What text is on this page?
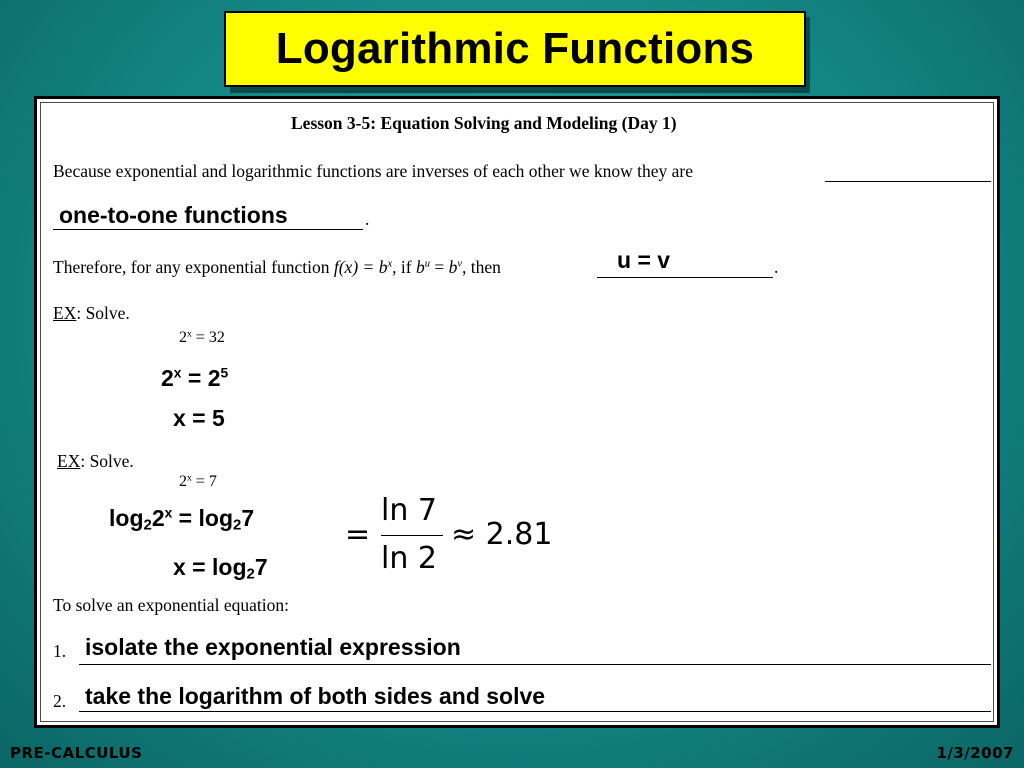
Logarithmic Functions
Lesson 3-5: Equation Solving and Modeling (Day 1)
Because exponential and logarithmic functions are inverses of each other we know they are
.
one-to-one functions
Therefore, for any exponential function $f(x) = b^x$, if $b^u = b^v$, then	.
u = v
EX: Solve.
$2^x = 32$
$2^x = 2^5$
x = 5
EX: Solve.
$2^x = 7$
$\log_22^x = \log_27$
$x = \log_27$
=
ln 7
ln 2
≈ 2.81
To solve an exponential equation:
1. isolate the exponential expression
2. take the logarithm of both sides and solve
PRE-CALCULUS	1/3/2007
